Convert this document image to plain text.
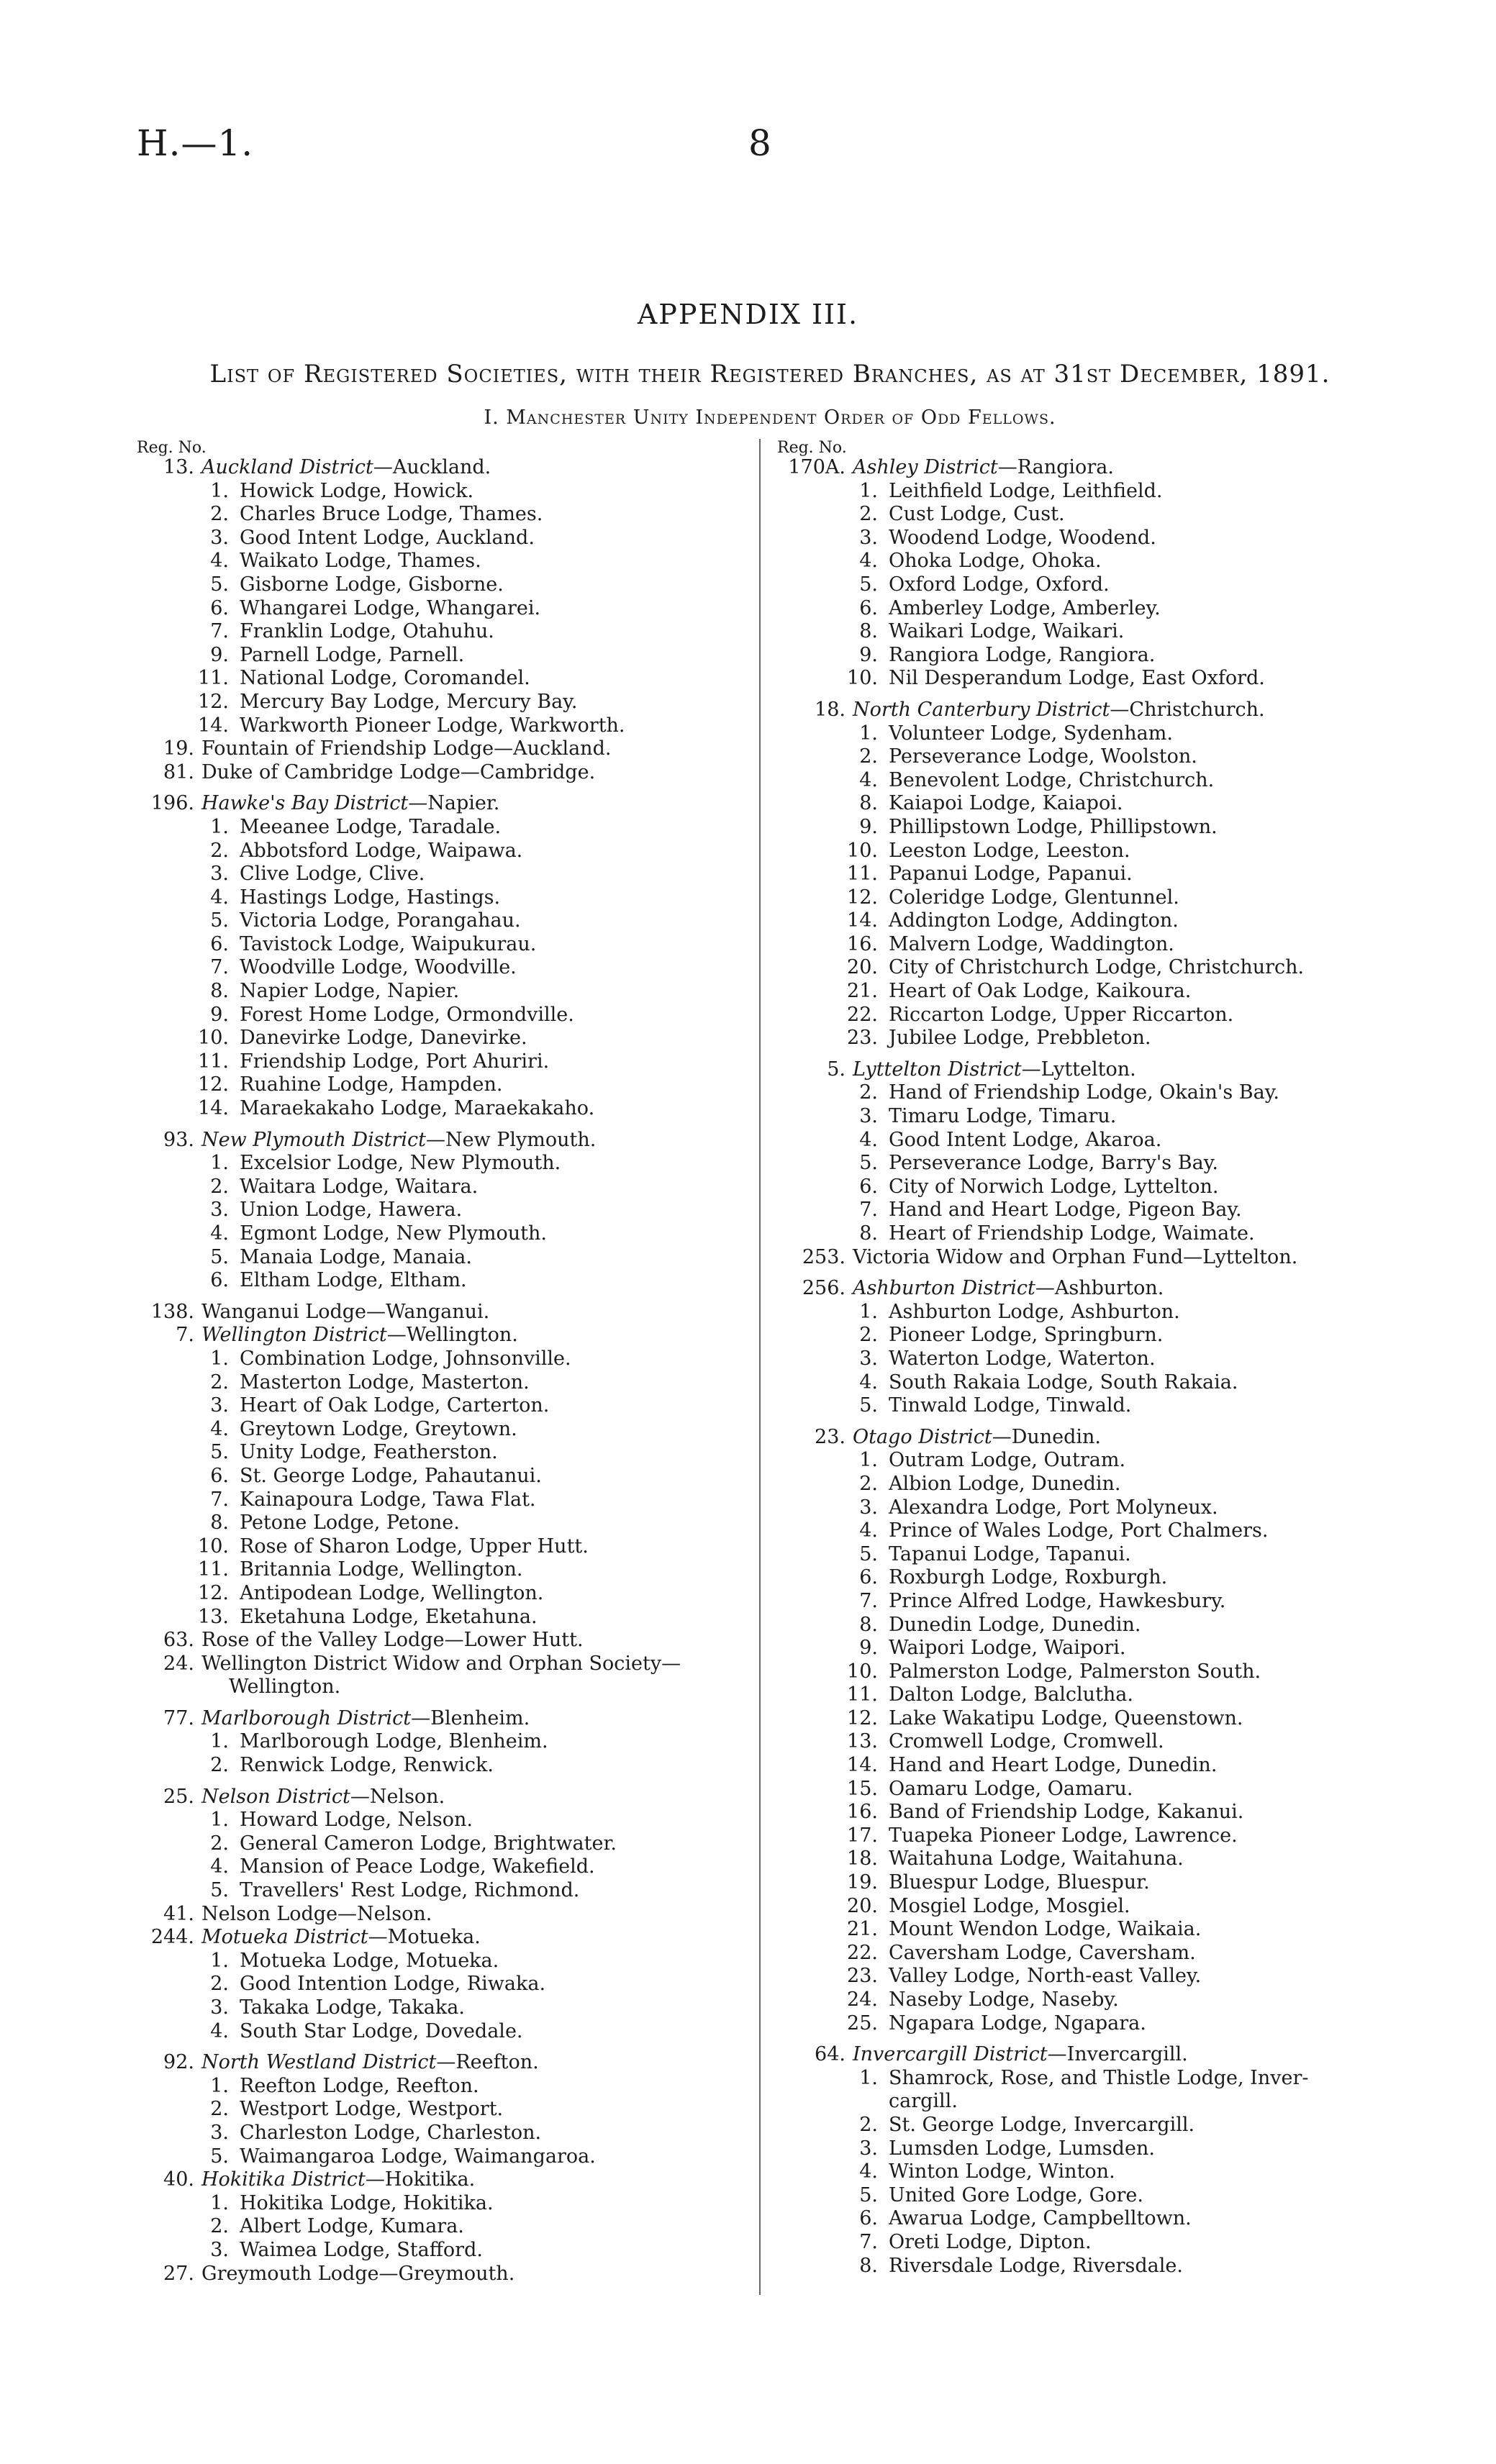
H.—1.	8
APPENDIX III.
List of Registered Societies, with their Registered Branches, as at 31st December, 1891.
I. Manchester Unity Independent Order of Odd Fellows.
Reg. No.
13. Auckland District—Auckland.
1. Howick Lodge, Howick.
2. Charles Bruce Lodge, Thames.
3. Good Intent Lodge, Auckland.
4. Waikato Lodge, Thames.
5. Gisborne Lodge, Gisborne.
6. Whangarei Lodge, Whangarei.
7. Franklin Lodge, Otahuhu.
9. Parnell Lodge, Parnell.
11. National Lodge, Coromandel.
12. Mercury Bay Lodge, Mercury Bay.
14. Warkworth Pioneer Lodge, Warkworth.
19. Fountain of Friendship Lodge—Auckland.
81. Duke of Cambridge Lodge—Cambridge.
196. Hawke's Bay District—Napier.
1. Meeanee Lodge, Taradale.
2. Abbotsford Lodge, Waipawa.
3. Clive Lodge, Clive.
4. Hastings Lodge, Hastings.
5. Victoria Lodge, Porangahau.
6. Tavistock Lodge, Waipukurau.
7. Woodville Lodge, Woodville.
8. Napier Lodge, Napier.
9. Forest Home Lodge, Ormondville.
10. Danevirke Lodge, Danevirke.
11. Friendship Lodge, Port Ahuriri.
12. Ruahine Lodge, Hampden.
14. Maraekakaho Lodge, Maraekakaho.
93. New Plymouth District—New Plymouth.
1. Excelsior Lodge, New Plymouth.
2. Waitara Lodge, Waitara.
3. Union Lodge, Hawera.
4. Egmont Lodge, New Plymouth.
5. Manaia Lodge, Manaia.
6. Eltham Lodge, Eltham.
138. Wanganui Lodge—Wanganui.
7. Wellington District—Wellington.
1. Combination Lodge, Johnsonville.
2. Masterton Lodge, Masterton.
3. Heart of Oak Lodge, Carterton.
4. Greytown Lodge, Greytown.
5. Unity Lodge, Featherston.
6. St. George Lodge, Pahautanui.
7. Kainapoura Lodge, Tawa Flat.
8. Petone Lodge, Petone.
10. Rose of Sharon Lodge, Upper Hutt.
11. Britannia Lodge, Wellington.
12. Antipodean Lodge, Wellington.
13. Eketahuna Lodge, Eketahuna.
63. Rose of the Valley Lodge—Lower Hutt.
24. Wellington District Widow and Orphan Society—
Wellington.
77. Marlborough District—Blenheim.
1. Marlborough Lodge, Blenheim.
2. Renwick Lodge, Renwick.
25. Nelson District—Nelson.
1. Howard Lodge, Nelson.
2. General Cameron Lodge, Brightwater.
4. Mansion of Peace Lodge, Wakefield.
5. Travellers' Rest Lodge, Richmond.
41. Nelson Lodge—Nelson.
244. Motueka District—Motueka.
1. Motueka Lodge, Motueka.
2. Good Intention Lodge, Riwaka.
3. Takaka Lodge, Takaka.
4. South Star Lodge, Dovedale.
92. North Westland District—Reefton.
1. Reefton Lodge, Reefton.
2. Westport Lodge, Westport.
3. Charleston Lodge, Charleston.
5. Waimangaroa Lodge, Waimangaroa.
40. Hokitika District—Hokitika.
1. Hokitika Lodge, Hokitika.
2. Albert Lodge, Kumara.
3. Waimea Lodge, Stafford.
27. Greymouth Lodge—Greymouth.
Reg. No.
170A. Ashley District—Rangiora.
1. Leithfield Lodge, Leithfield.
2. Cust Lodge, Cust.
3. Woodend Lodge, Woodend.
4. Ohoka Lodge, Ohoka.
5. Oxford Lodge, Oxford.
6. Amberley Lodge, Amberley.
8. Waikari Lodge, Waikari.
9. Rangiora Lodge, Rangiora.
10. Nil Desperandum Lodge, East Oxford.
18. North Canterbury District—Christchurch.
1. Volunteer Lodge, Sydenham.
2. Perseverance Lodge, Woolston.
4. Benevolent Lodge, Christchurch.
8. Kaiapoi Lodge, Kaiapoi.
9. Phillipstown Lodge, Phillipstown.
10. Leeston Lodge, Leeston.
11. Papanui Lodge, Papanui.
12. Coleridge Lodge, Glentunnel.
14. Addington Lodge, Addington.
16. Malvern Lodge, Waddington.
20. City of Christchurch Lodge, Christchurch.
21. Heart of Oak Lodge, Kaikoura.
22. Riccarton Lodge, Upper Riccarton.
23. Jubilee Lodge, Prebbleton.
5. Lyttelton District—Lyttelton.
2. Hand of Friendship Lodge, Okain's Bay.
3. Timaru Lodge, Timaru.
4. Good Intent Lodge, Akaroa.
5. Perseverance Lodge, Barry's Bay.
6. City of Norwich Lodge, Lyttelton.
7. Hand and Heart Lodge, Pigeon Bay.
8. Heart of Friendship Lodge, Waimate.
253. Victoria Widow and Orphan Fund—Lyttelton.
256. Ashburton District—Ashburton.
1. Ashburton Lodge, Ashburton.
2. Pioneer Lodge, Springburn.
3. Waterton Lodge, Waterton.
4. South Rakaia Lodge, South Rakaia.
5. Tinwald Lodge, Tinwald.
23. Otago District—Dunedin.
1. Outram Lodge, Outram.
2. Albion Lodge, Dunedin.
3. Alexandra Lodge, Port Molyneux.
4. Prince of Wales Lodge, Port Chalmers.
5. Tapanui Lodge, Tapanui.
6. Roxburgh Lodge, Roxburgh.
7. Prince Alfred Lodge, Hawkesbury.
8. Dunedin Lodge, Dunedin.
9. Waipori Lodge, Waipori.
10. Palmerston Lodge, Palmerston South.
11. Dalton Lodge, Balclutha.
12. Lake Wakatipu Lodge, Queenstown.
13. Cromwell Lodge, Cromwell.
14. Hand and Heart Lodge, Dunedin.
15. Oamaru Lodge, Oamaru.
16. Band of Friendship Lodge, Kakanui.
17. Tuapeka Pioneer Lodge, Lawrence.
18. Waitahuna Lodge, Waitahuna.
19. Bluespur Lodge, Bluespur.
20. Mosgiel Lodge, Mosgiel.
21. Mount Wendon Lodge, Waikaia.
22. Caversham Lodge, Caversham.
23. Valley Lodge, North-east Valley.
24. Naseby Lodge, Naseby.
25. Ngapara Lodge, Ngapara.
64. Invercargill District—Invercargill.
1. Shamrock, Rose, and Thistle Lodge, Inver-
cargill.
2. St. George Lodge, Invercargill.
3. Lumsden Lodge, Lumsden.
4. Winton Lodge, Winton.
5. United Gore Lodge, Gore.
6. Awarua Lodge, Campbelltown.
7. Oreti Lodge, Dipton.
8. Riversdale Lodge, Riversdale.
